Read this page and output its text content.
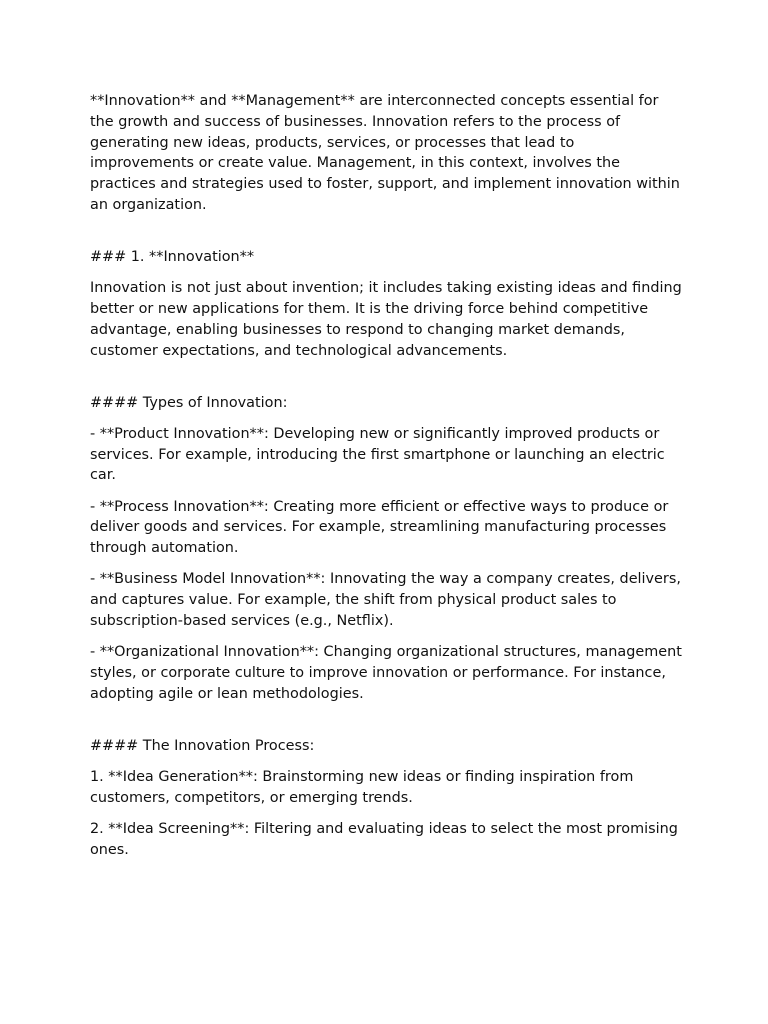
**Innovation** and **Management** are interconnected concepts essential for the growth and success of businesses. Innovation refers to the process of generating new ideas, products, services, or processes that lead to improvements or create value. Management, in this context, involves the practices and strategies used to foster, support, and implement innovation within an organization.

### 1. **Innovation**

Innovation is not just about invention; it includes taking existing ideas and finding better or new applications for them. It is the driving force behind competitive advantage, enabling businesses to respond to changing market demands, customer expectations, and technological advancements.

#### Types of Innovation:

- **Product Innovation**: Developing new or significantly improved products or services. For example, introducing the first smartphone or launching an electric car.

- **Process Innovation**: Creating more efficient or effective ways to produce or deliver goods and services. For example, streamlining manufacturing processes through automation.

- **Business Model Innovation**: Innovating the way a company creates, delivers, and captures value. For example, the shift from physical product sales to subscription-based services (e.g., Netflix).

- **Organizational Innovation**: Changing organizational structures, management styles, or corporate culture to improve innovation or performance. For instance, adopting agile or lean methodologies.

#### The Innovation Process:

1. **Idea Generation**: Brainstorming new ideas or finding inspiration from customers, competitors, or emerging trends.

2. **Idea Screening**: Filtering and evaluating ideas to select the most promising ones.
